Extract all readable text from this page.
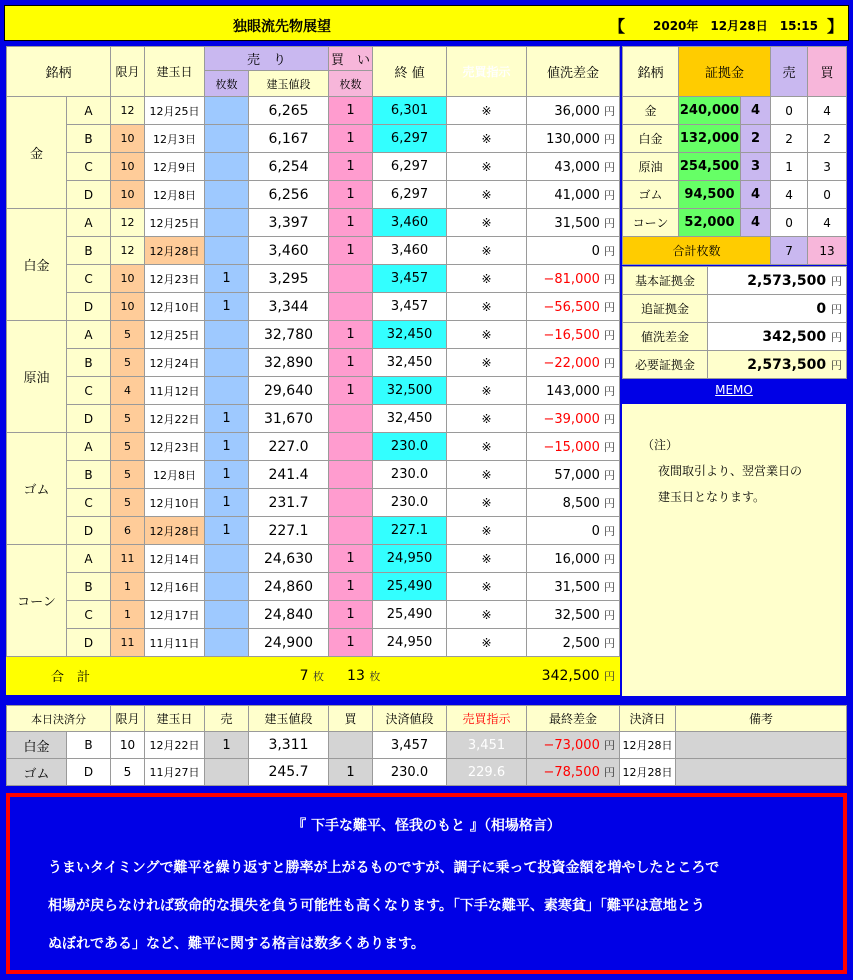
独眼流先物展望	【 2020年　12月28日　15:15 】
銘柄		限月	建玉日	売　り		買　い	終 値	売買指示	値洗差金
				枚数	建玉値段	枚数			
金	A	12	12月25日		6,265	1	6,301	※	36,000 円
	B	10	12月3日		6,167	1	6,297	※	130,000 円
	C	10	12月9日		6,254	1	6,297	※	43,000 円
	D	10	12月8日		6,256	1	6,297	※	41,000 円
白金	A	12	12月25日		3,397	1	3,460	※	31,500 円
	B	12	12月28日		3,460	1	3,460	※	0 円
	C	10	12月23日	1	3,295		3,457	※	−81,000 円
	D	10	12月10日	1	3,344		3,457	※	−56,500 円
原油	A	5	12月25日		32,780	1	32,450	※	−16,500 円
	B	5	12月24日		32,890	1	32,450	※	−22,000 円
	C	4	11月12日		29,640	1	32,500	※	143,000 円
	D	5	12月22日	1	31,670		32,450	※	−39,000 円
ゴム	A	5	12月23日	1	227.0		230.0	※	−15,000 円
	B	5	12月8日	1	241.4		230.0	※	57,000 円
	C	5	12月10日	1	231.7		230.0	※	8,500 円
	D	6	12月28日	1	227.1		227.1	※	0 円
コーン	A	11	12月14日		24,630	1	24,950	※	16,000 円
	B	1	12月16日		24,860	1	25,490	※	31,500 円
	C	1	12月17日		24,840	1	25,490	※	32,500 円
	D	11	11月11日		24,900	1	24,950	※	2,500 円
合　計			7 枚			13 枚		342,500 円	
銘柄	証拠金		売	買
金	240,000	4	0	4
白金	132,000	2	2	2
原油	254,500	3	1	3
ゴム	94,500	4	4	0
コーン	52,000	4	0	4
合計枚数			7	13
基本証拠金	2,573,500 円
追証拠金	0 円
値洗差金	342,500 円
必要証拠金	2,573,500 円
MEMO
（注）
夜間取引より、翌営業日の
建玉日となります。
本日決済分		限月	建玉日	売	建玉値段	買	決済値段	売買指示	最終差金	決済日	備考
白金	B	10	12月22日	1	3,311		3,457	3,451	−73,000 円	12月28日	
ゴム	D	5	11月27日		245.7	1	230.0	229.6	−78,500 円	12月28日	
『 下手な難平、怪我のもと 』（相場格言）
うまいタイミングで難平を繰り返すと勝率が上がるものですが、調子に乗って投資金額を増やしたところで
相場が戻らなければ致命的な損失を負う可能性も高くなります。「下手な難平、素寒貧」「難平は意地とう
ぬぼれである」など、難平に関する格言は数多くあります。
